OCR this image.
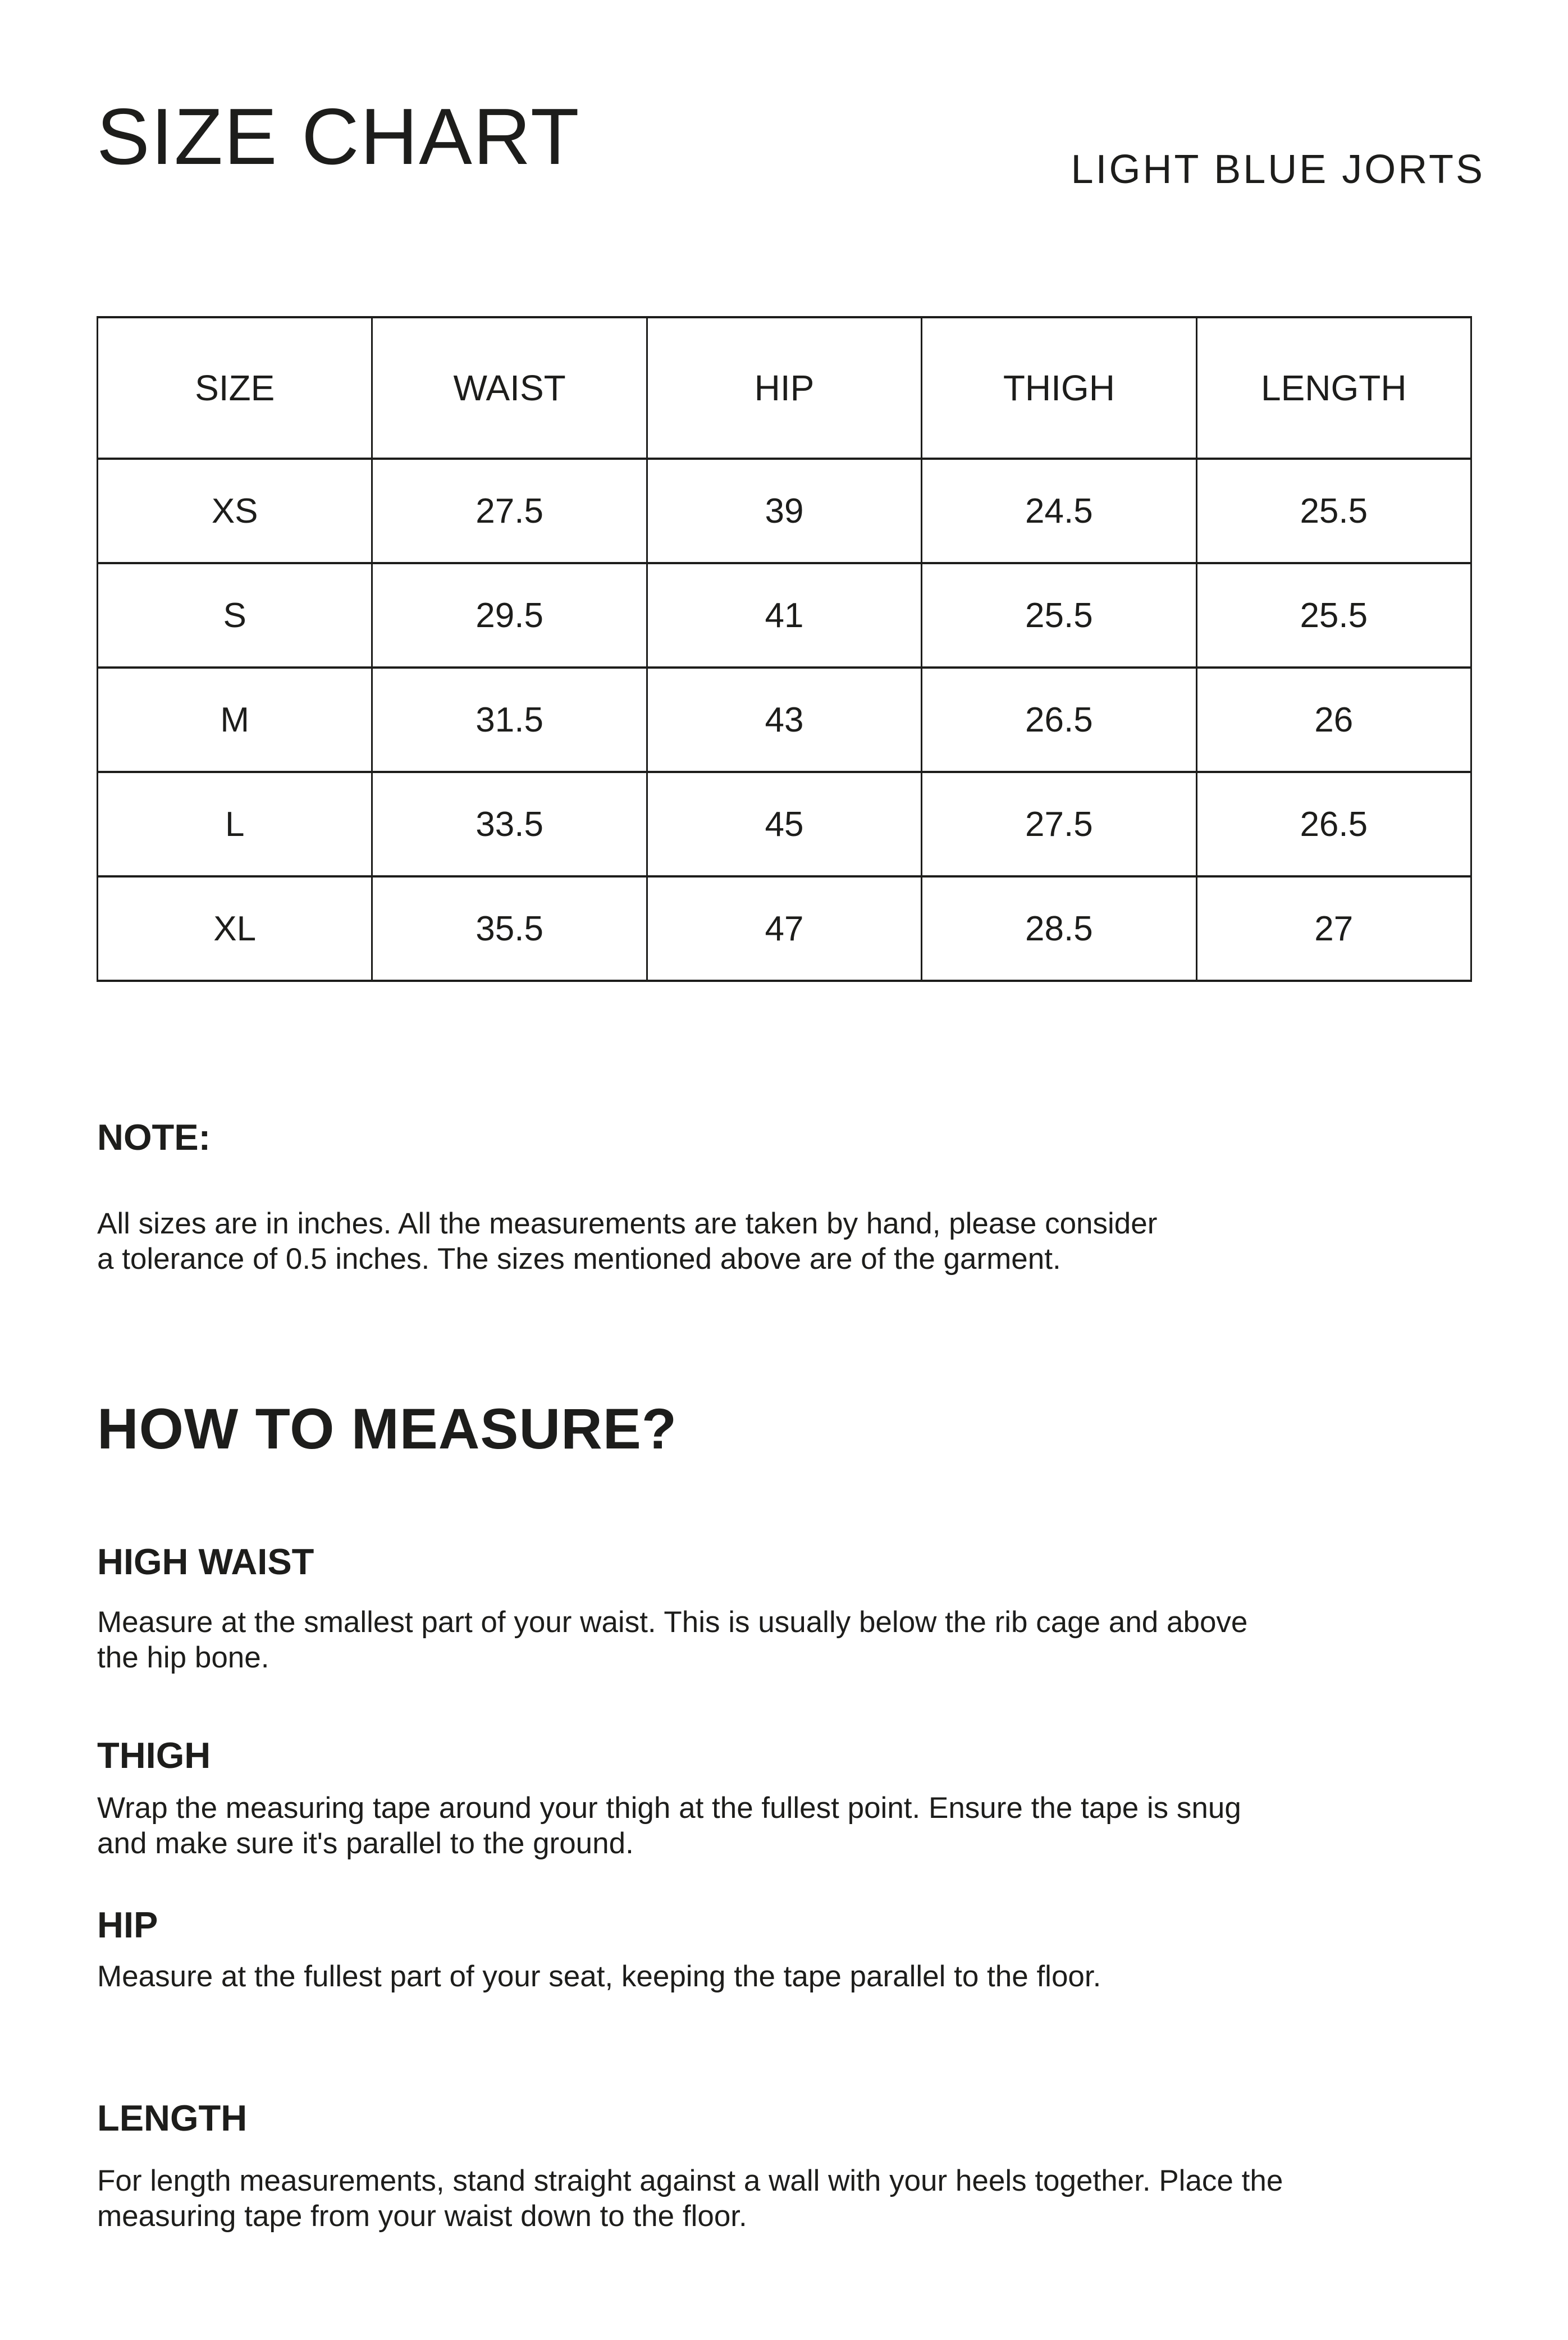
SIZE CHART	LIGHT BLUE JORTS
SIZE	WAIST	HIP	THIGH	LENGTH
XS	27.5	39	24.5	25.5
S	29.5	41	25.5	25.5
M	31.5	43	26.5	26
L	33.5	45	27.5	26.5
XL	35.5	47	28.5	27
NOTE:
All sizes are in inches. All the measurements are taken by hand, please consider
a tolerance of 0.5 inches. The sizes mentioned above are of the garment.
HOW TO MEASURE?
HIGH WAIST
Measure at the smallest part of your waist. This is usually below the rib cage and above
the hip bone.
THIGH
Wrap the measuring tape around your thigh at the fullest point. Ensure the tape is snug
and make sure it's parallel to the ground.
HIP
Measure at the fullest part of your seat, keeping the tape parallel to the floor.
LENGTH
For length measurements, stand straight against a wall with your heels together. Place the
measuring tape from your waist down to the floor.
